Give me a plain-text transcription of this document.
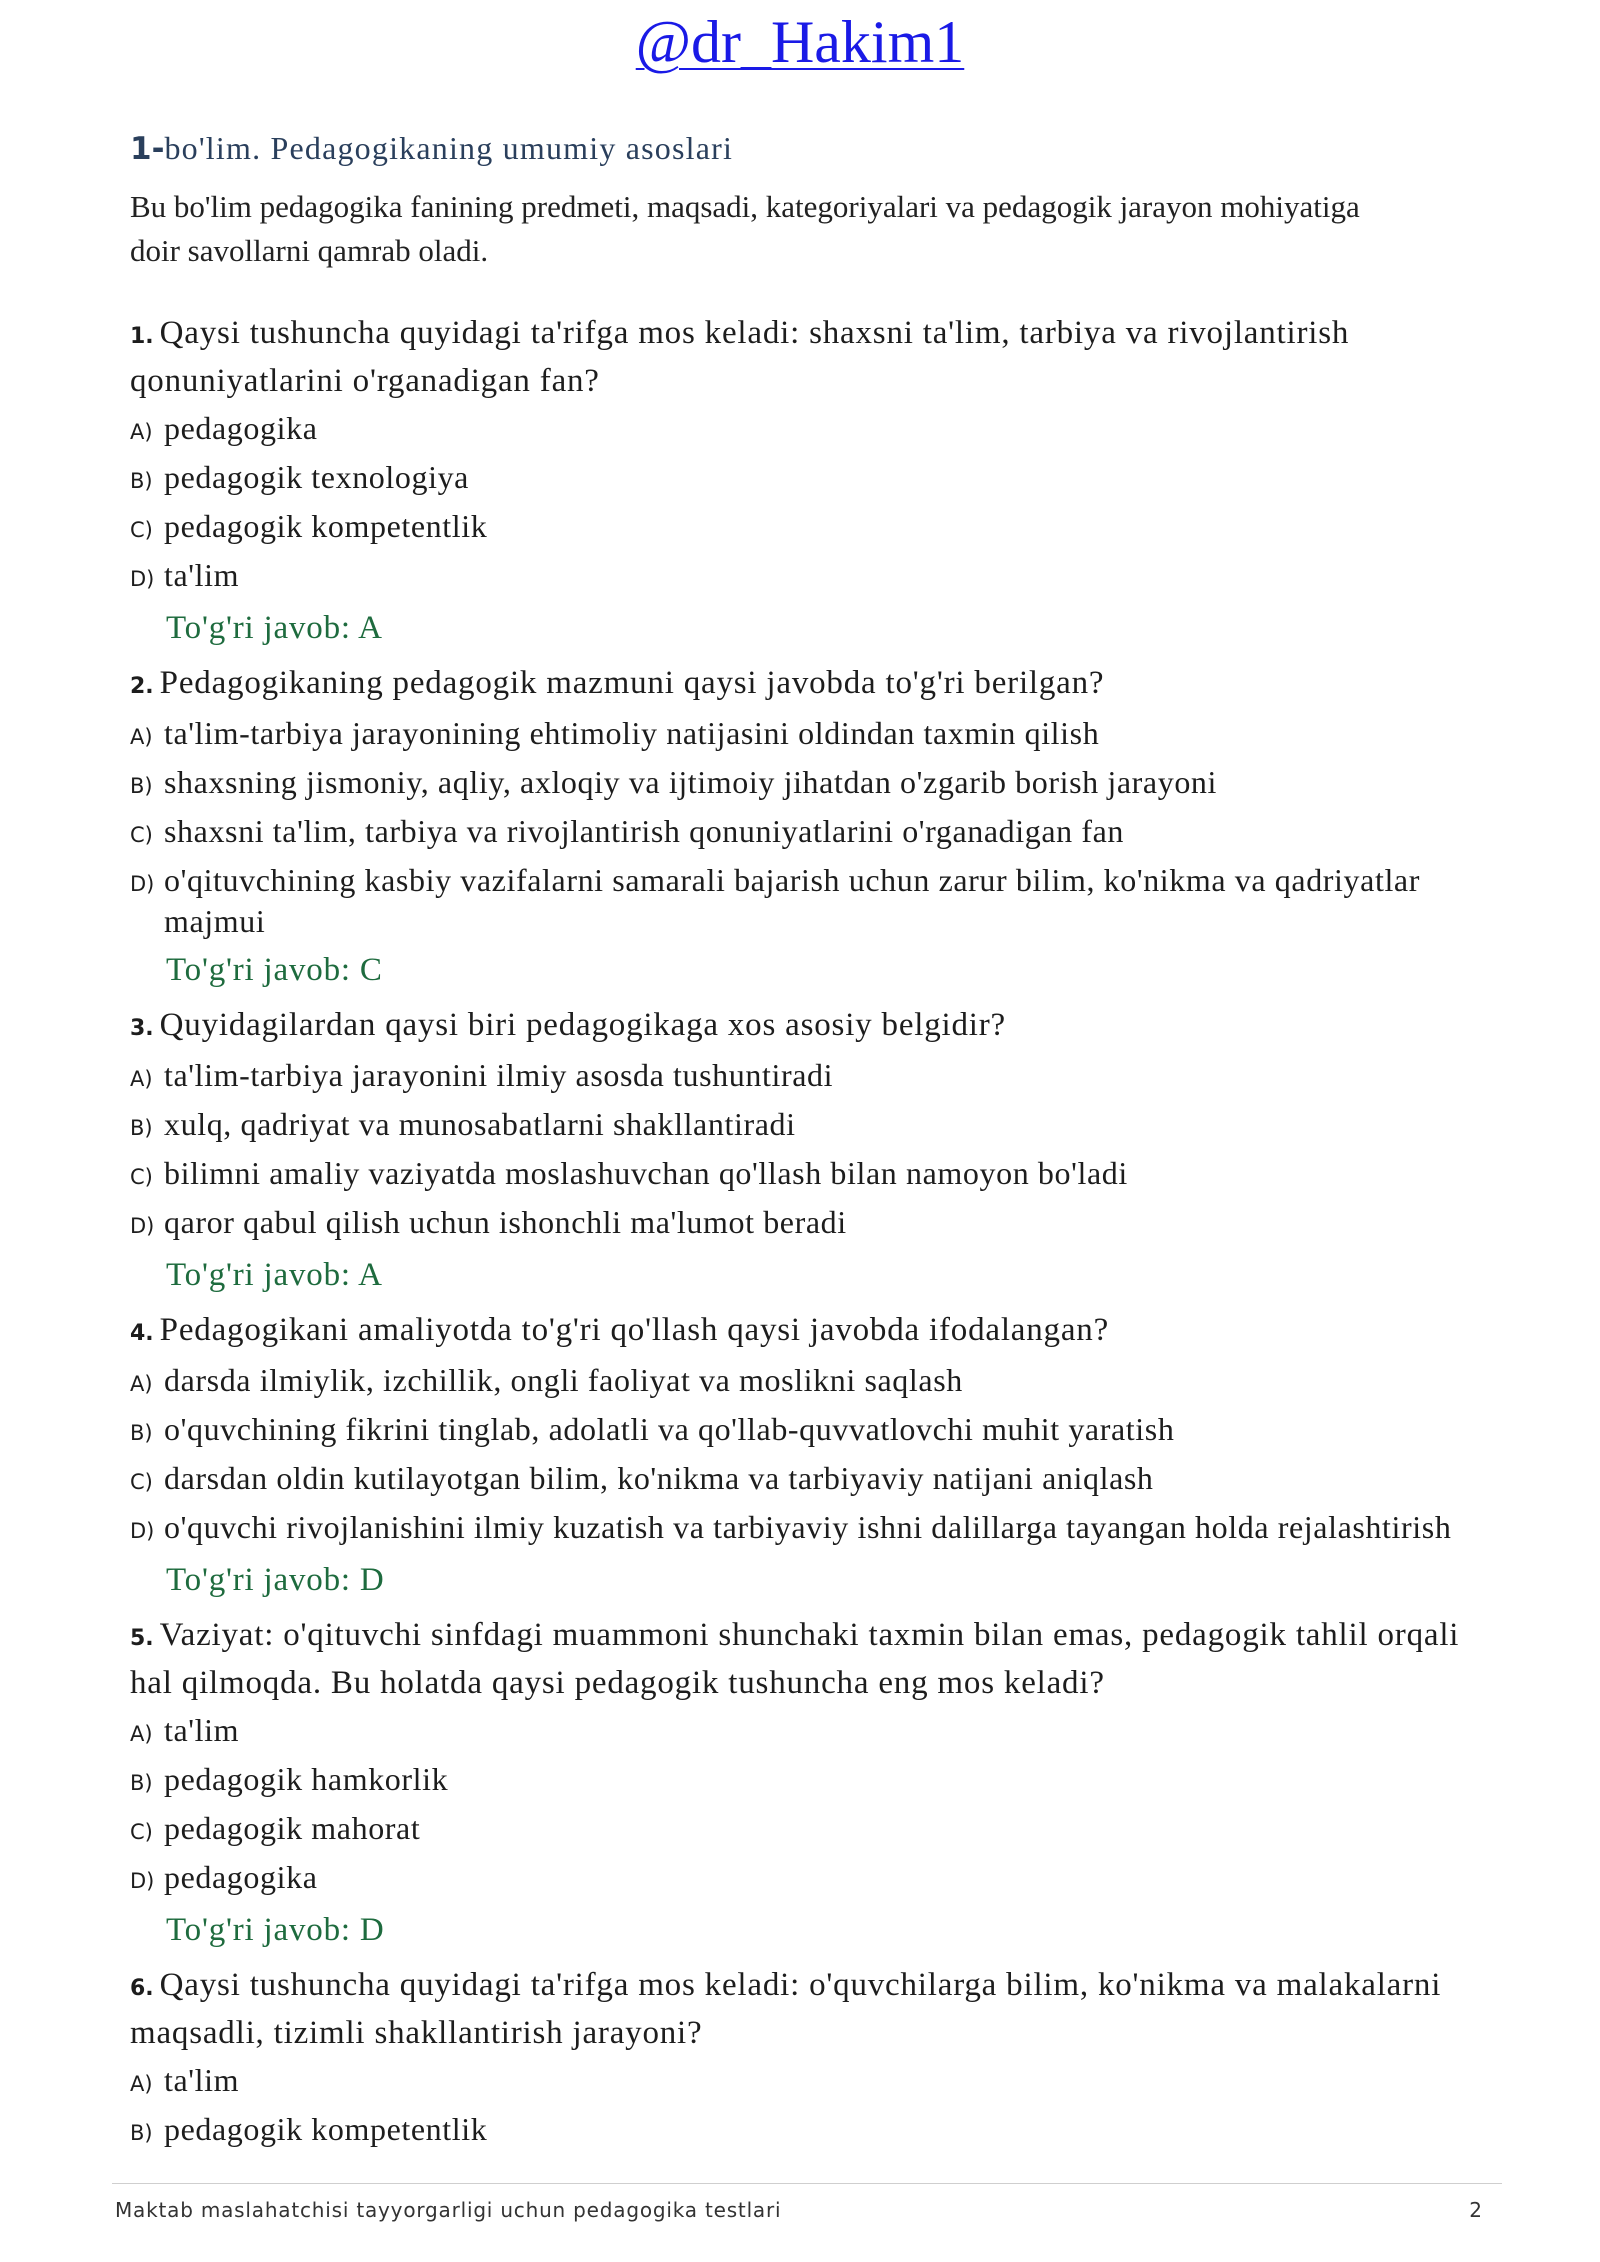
@dr_Hakim1
1-bo'lim. Pedagogikaning umumiy asoslari
Bu bo'lim pedagogika fanining predmeti, maqsadi, kategoriyalari va pedagogik jarayon mohiyatiga doir savollarni qamrab oladi.
1. Qaysi tushuncha quyidagi ta'rifga mos keladi: shaxsni ta'lim, tarbiya va rivojlantirish qonuniyatlarini o'rganadigan fan?
A) pedagogika
B) pedagogik texnologiya
C) pedagogik kompetentlik
D) ta'lim
To'g'ri javob: A
2. Pedagogikaning pedagogik mazmuni qaysi javobda to'g'ri berilgan?
A) ta'lim-tarbiya jarayonining ehtimoliy natijasini oldindan taxmin qilish
B) shaxsning jismoniy, aqliy, axloqiy va ijtimoiy jihatdan o'zgarib borish jarayoni
C) shaxsni ta'lim, tarbiya va rivojlantirish qonuniyatlarini o'rganadigan fan
D) o'qituvchining kasbiy vazifalarni samarali bajarish uchun zarur bilim, ko'nikma va qadriyatlar majmui
To'g'ri javob: C
3. Quyidagilardan qaysi biri pedagogikaga xos asosiy belgidir?
A) ta'lim-tarbiya jarayonini ilmiy asosda tushuntiradi
B) xulq, qadriyat va munosabatlarni shakllantiradi
C) bilimni amaliy vaziyatda moslashuvchan qo'llash bilan namoyon bo'ladi
D) qaror qabul qilish uchun ishonchli ma'lumot beradi
To'g'ri javob: A
4. Pedagogikani amaliyotda to'g'ri qo'llash qaysi javobda ifodalangan?
A) darsda ilmiylik, izchillik, ongli faoliyat va moslikni saqlash
B) o'quvchining fikrini tinglab, adolatli va qo'llab-quvvatlovchi muhit yaratish
C) darsdan oldin kutilayotgan bilim, ko'nikma va tarbiyaviy natijani aniqlash
D) o'quvchi rivojlanishini ilmiy kuzatish va tarbiyaviy ishni dalillarga tayangan holda rejalashtirish
To'g'ri javob: D
5. Vaziyat: o'qituvchi sinfdagi muammoni shunchaki taxmin bilan emas, pedagogik tahlil orqali hal qilmoqda. Bu holatda qaysi pedagogik tushuncha eng mos keladi?
A) ta'lim
B) pedagogik hamkorlik
C) pedagogik mahorat
D) pedagogika
To'g'ri javob: D
6. Qaysi tushuncha quyidagi ta'rifga mos keladi: o'quvchilarga bilim, ko'nikma va malakalarni maqsadli, tizimli shakllantirish jarayoni?
A) ta'lim
B) pedagogik kompetentlik
Maktab maslahatchisi tayyorgarligi uchun pedagogika testlari	2
